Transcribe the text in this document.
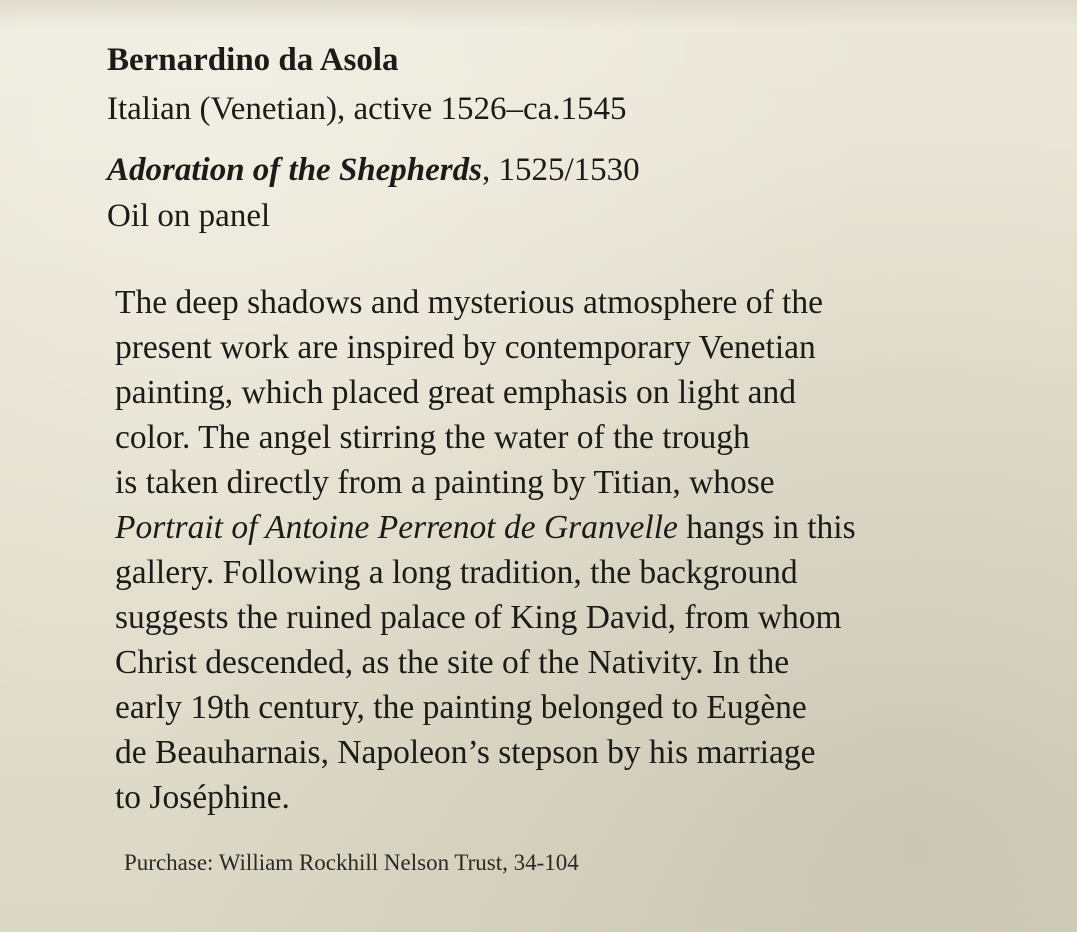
Bernardino da Asola
Italian (Venetian), active 1526–ca.1545
Adoration of the Shepherds, 1525/1530
Oil on panel
The deep shadows and mysterious atmosphere of the
present work are inspired by contemporary Venetian
painting, which placed great emphasis on light and
color. The angel stirring the water of the trough
is taken directly from a painting by Titian, whose
Portrait of Antoine Perrenot de Granvelle hangs in this
gallery. Following a long tradition, the background
suggests the ruined palace of King David, from whom
Christ descended, as the site of the Nativity. In the
early 19th century, the painting belonged to Eugène
de Beauharnais, Napoleon’s stepson by his marriage
to Joséphine.
Purchase: William Rockhill Nelson Trust, 34-104
